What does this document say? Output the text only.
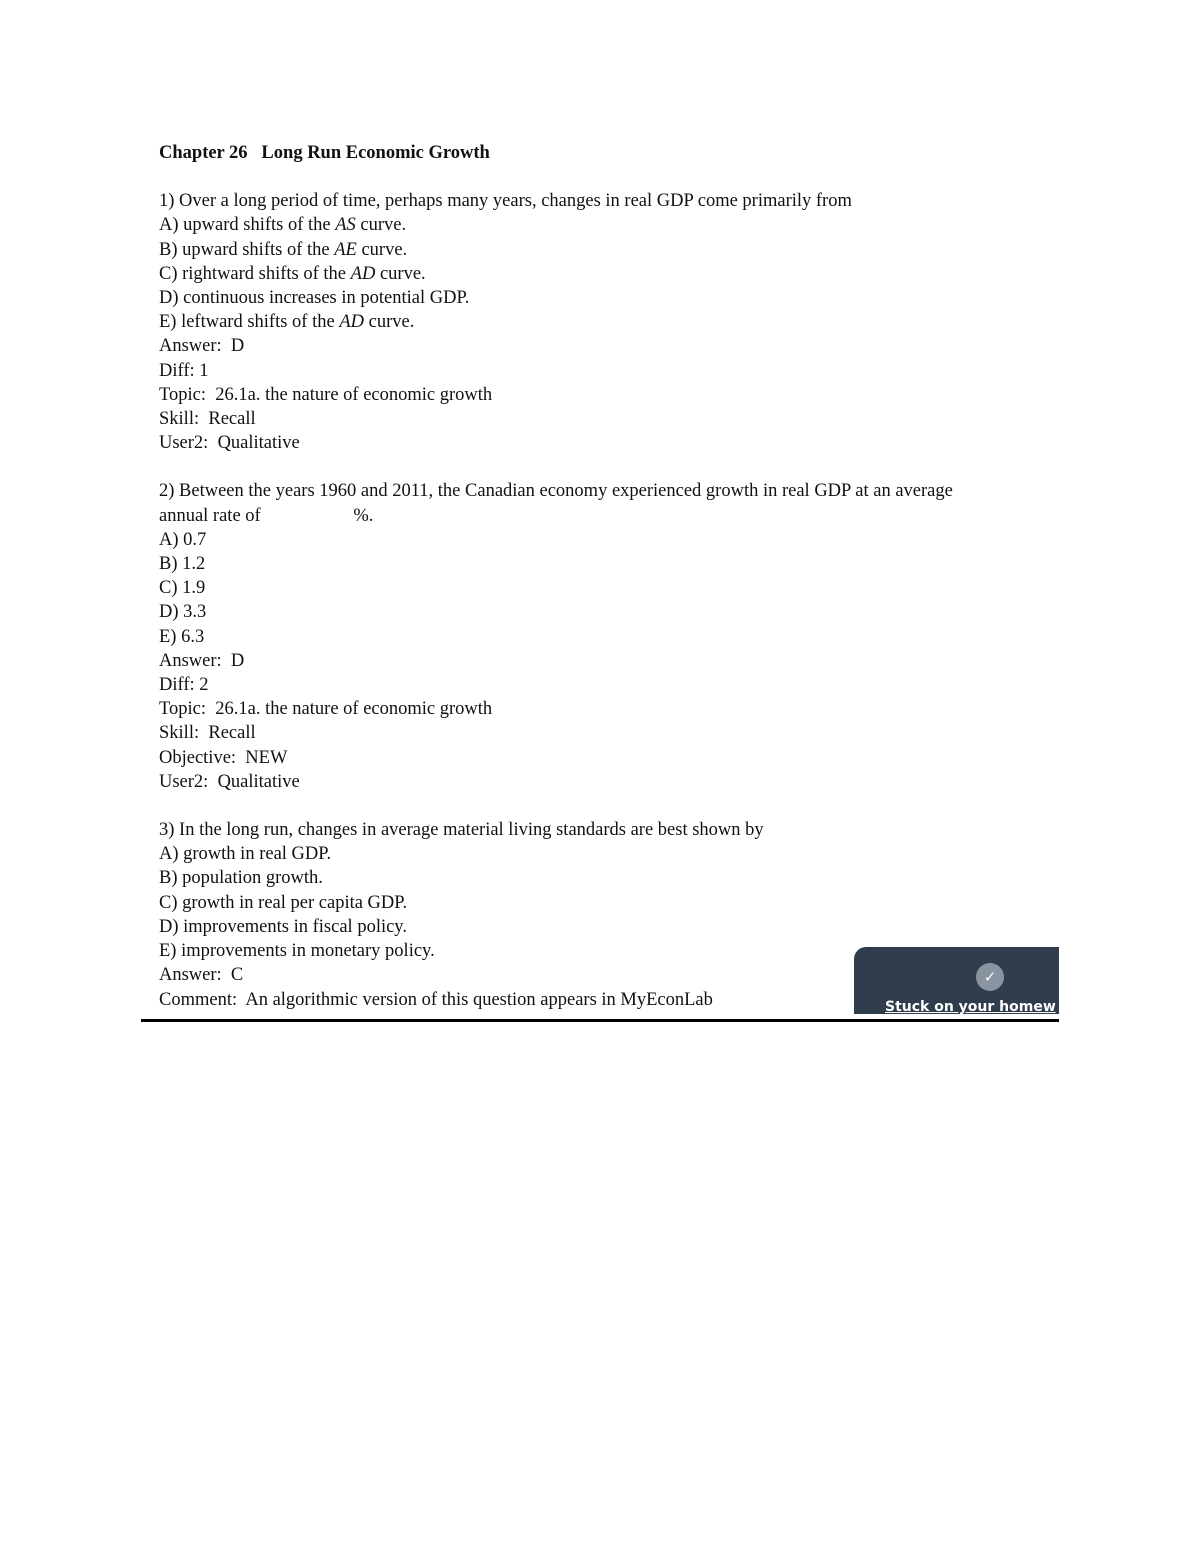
Chapter 26   Long Run Economic Growth
1) Over a long period of time, perhaps many years, changes in real GDP come primarily from
A) upward shifts of the AS curve.
B) upward shifts of the AE curve.
C) rightward shifts of the AD curve.
D) continuous increases in potential GDP.
E) leftward shifts of the AD curve.
Answer:  D
Diff: 1
Topic:  26.1a. the nature of economic growth
Skill:  Recall
User2:  Qualitative
2) Between the years 1960 and 2011, the Canadian economy experienced growth in real GDP at an average annual rate of	%.
A) 0.7
B) 1.2
C) 1.9
D) 3.3
E) 6.3
Answer:  D
Diff: 2
Topic:  26.1a. the nature of economic growth
Skill:  Recall
Objective:  NEW
User2:  Qualitative
3) In the long run, changes in average material living standards are best shown by
A) growth in real GDP.
B) population growth.
C) growth in real per capita GDP.
D) improvements in fiscal policy.
E) improvements in monetary policy.
Answer:  C
Comment:  An algorithmic version of this question appears in MyEconLab
✓
Stuck on your homew
